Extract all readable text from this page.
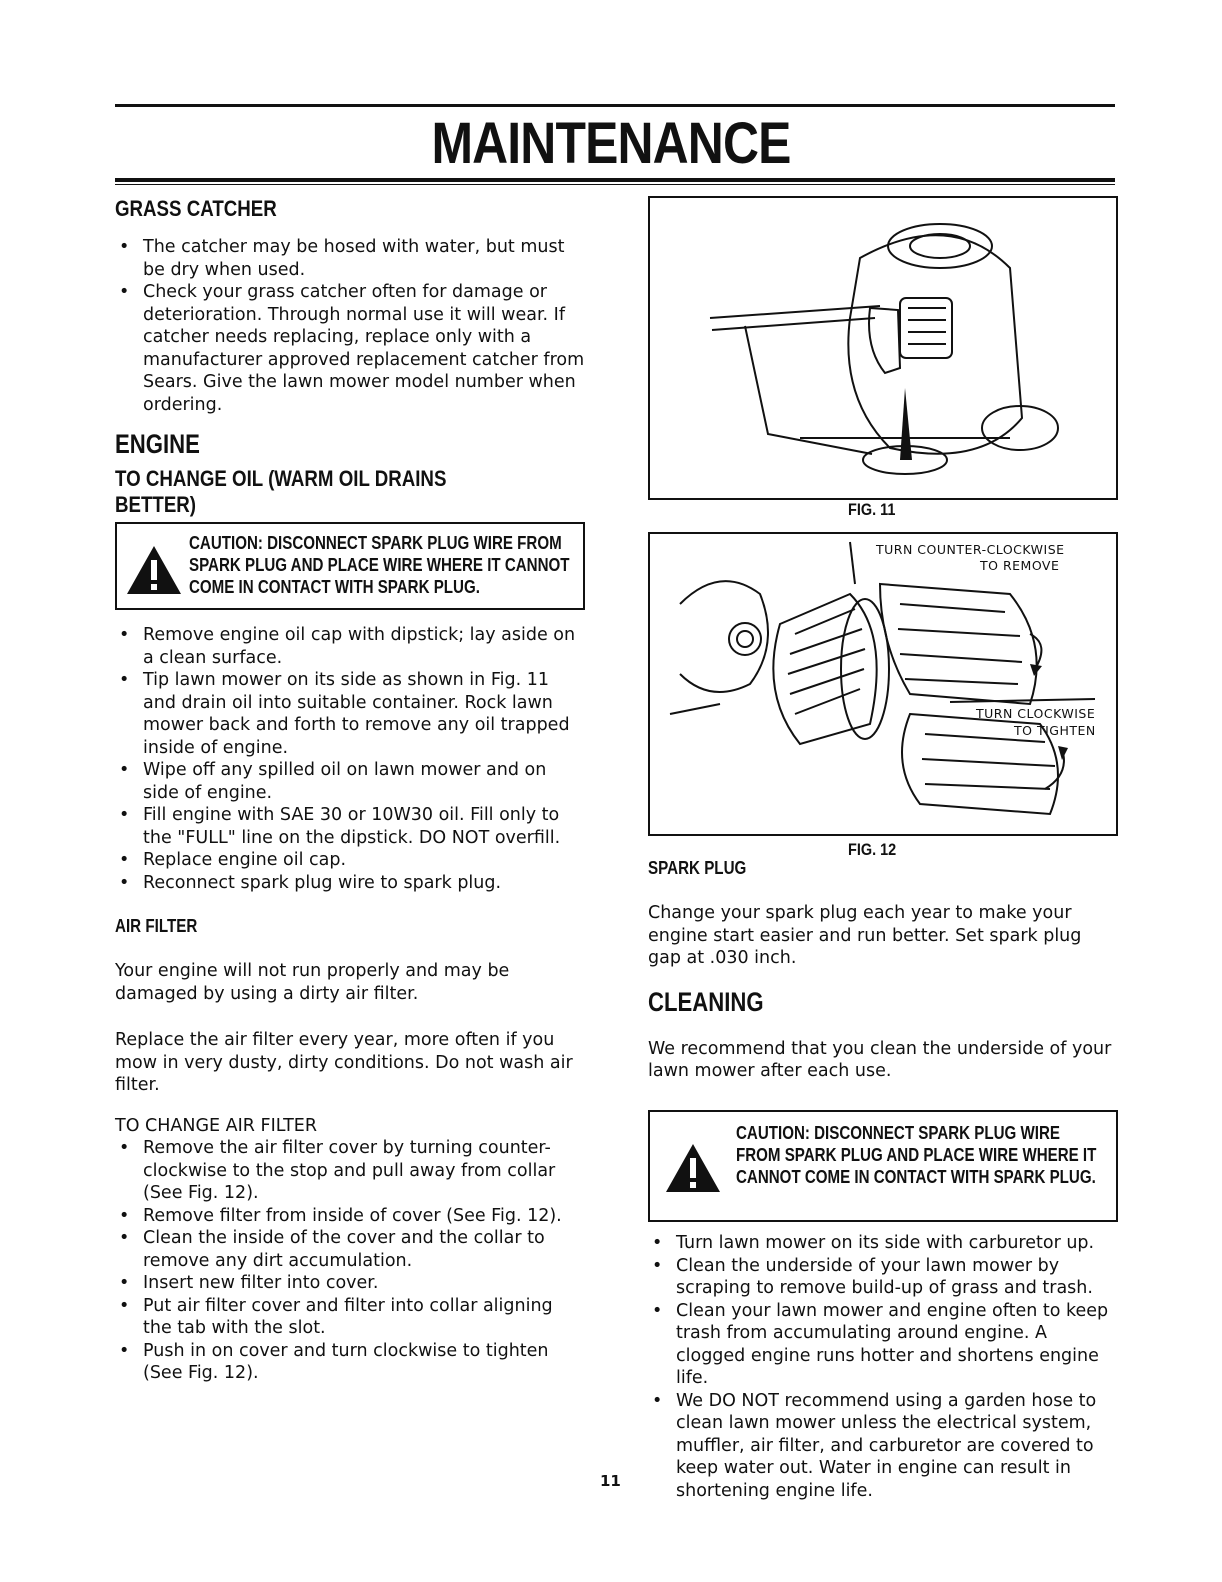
MAINTENANCE
GRASS CATCHER
• The catcher may be hosed with water, but must be dry when used.
• Check your grass catcher often for damage or deterioration. Through normal use it will wear. If catcher needs replacing, replace only with a manufacturer approved replacement catcher from Sears. Give the lawn mower model number when ordering.
ENGINE
TO CHANGE OIL (WARM OIL DRAINS BETTER)
CAUTION: DISCONNECT SPARK PLUG WIRE FROM SPARK PLUG AND PLACE WIRE WHERE IT CANNOT COME IN CONTACT WITH SPARK PLUG.
• Remove engine oil cap with dipstick; lay aside on a clean surface.
• Tip lawn mower on its side as shown in Fig. 11 and drain oil into suitable container. Rock lawn mower back and forth to remove any oil trapped inside of engine.
• Wipe off any spilled oil on lawn mower and on side of engine.
• Fill engine with SAE 30 or 10W30 oil. Fill only to the "FULL" line on the dipstick. DO NOT overfill.
• Replace engine oil cap.
• Reconnect spark plug wire to spark plug.
AIR FILTER

Your engine will not run properly and may be damaged by using a dirty air filter.

Replace the air filter every year, more often if you mow in very dusty, dirty conditions. Do not wash air filter.

TO CHANGE AIR FILTER

• Remove the air filter cover by turning counter-clockwise to the stop and pull away from collar (See Fig. 12).
• Remove filter from inside of cover (See Fig. 12).
• Clean the inside of the cover and the collar to remove any dirt accumulation.
• Insert new filter into cover.
• Put air filter cover and filter into collar aligning the tab with the slot.
• Push in on cover and turn clockwise to tighten (See Fig. 12).
FIG. 11
TURN COUNTER-CLOCKWISE
TO REMOVE
TURN CLOCKWISE
TO TIGHTEN
FIG. 12
SPARK PLUG

Change your spark plug each year to make your engine start easier and run better. Set spark plug gap at .030 inch.

CLEANING

We recommend that you clean the underside of your lawn mower after each use.

CAUTION: DISCONNECT SPARK PLUG WIRE FROM SPARK PLUG AND PLACE WIRE WHERE IT CANNOT COME IN CONTACT WITH SPARK PLUG.
• Turn lawn mower on its side with carburetor up.
• Clean the underside of your lawn mower by scraping to remove build-up of grass and trash.
• Clean your lawn mower and engine often to keep trash from accumulating around engine. A clogged engine runs hotter and shortens engine life.
• We DO NOT recommend using a garden hose to clean lawn mower unless the electrical system, muffler, air filter, and carburetor are covered to keep water out. Water in engine can result in shortening engine life.
11
